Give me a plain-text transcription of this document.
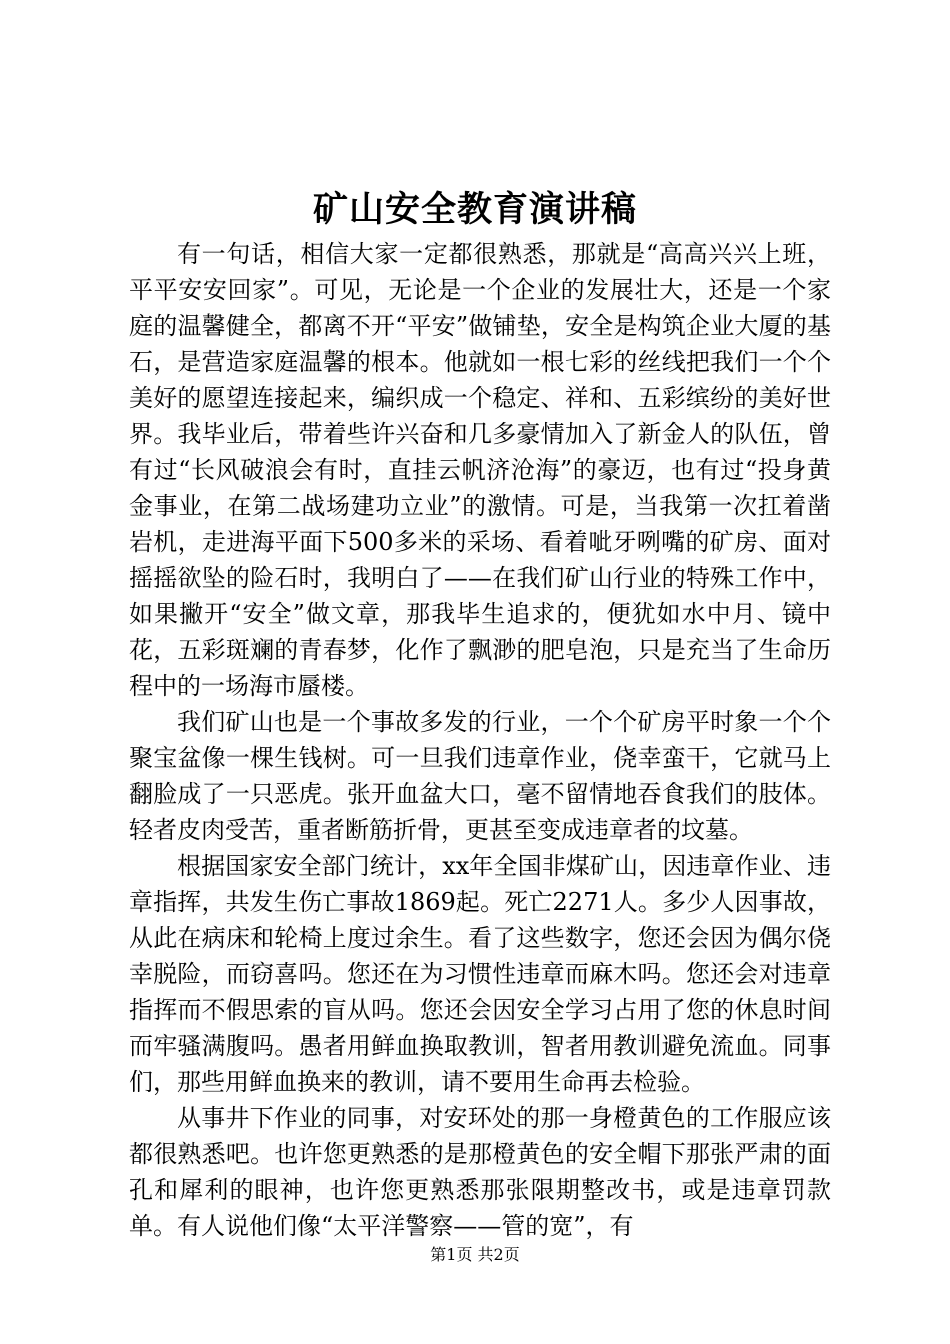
矿山安全教育演讲稿

有一句话，相信大家一定都很熟悉，那就是“高高兴兴上班，平平安安回家”。可见，无论是一个企业的发展壮大，还是一个家庭的温馨健全，都离不开“平安”做铺垫，安全是构筑企业大厦的基石，是营造家庭温馨的根本。他就如一根七彩的丝线把我们一个个美好的愿望连接起来，编织成一个稳定、祥和、五彩缤纷的美好世界。我毕业后，带着些许兴奋和几多豪情加入了新金人的队伍，曾有过“长风破浪会有时，直挂云帆济沧海”的豪迈，也有过“投身黄金事业，在第二战场建功立业”的激情。可是，当我第一次扛着凿岩机，走进海平面下500多米的采场、看着呲牙咧嘴的矿房、面对摇摇欲坠的险石时，我明白了——在我们矿山行业的特殊工作中，如果撇开“安全”做文章，那我毕生追求的，便犹如水中月、镜中花，五彩斑斓的青春梦，化作了飘渺的肥皂泡，只是充当了生命历程中的一场海市蜃楼。

我们矿山也是一个事故多发的行业，一个个矿房平时象一个个聚宝盆像一棵生钱树。可一旦我们违章作业，侥幸蛮干，它就马上翻脸成了一只恶虎。张开血盆大口，毫不留情地吞食我们的肢体。轻者皮肉受苦，重者断筋折骨，更甚至变成违章者的坟墓。

根据国家安全部门统计，xx年全国非煤矿山，因违章作业、违章指挥，共发生伤亡事故1869起。死亡2271人。多少人因事故，从此在病床和轮椅上度过余生。看了这些数字，您还会因为偶尔侥幸脱险，而窃喜吗。您还在为习惯性违章而麻木吗。您还会对违章指挥而不假思索的盲从吗。您还会因安全学习占用了您的休息时间而牢骚满腹吗。愚者用鲜血换取教训，智者用教训避免流血。同事们，那些用鲜血换来的教训，请不要用生命再去检验。

从事井下作业的同事，对安环处的那一身橙黄色的工作服应该都很熟悉吧。也许您更熟悉的是那橙黄色的安全帽下那张严肃的面孔和犀利的眼神，也许您更熟悉那张限期整改书，或是违章罚款单。有人说他们像“太平洋警察——管的宽”，有

第1页 共2页
